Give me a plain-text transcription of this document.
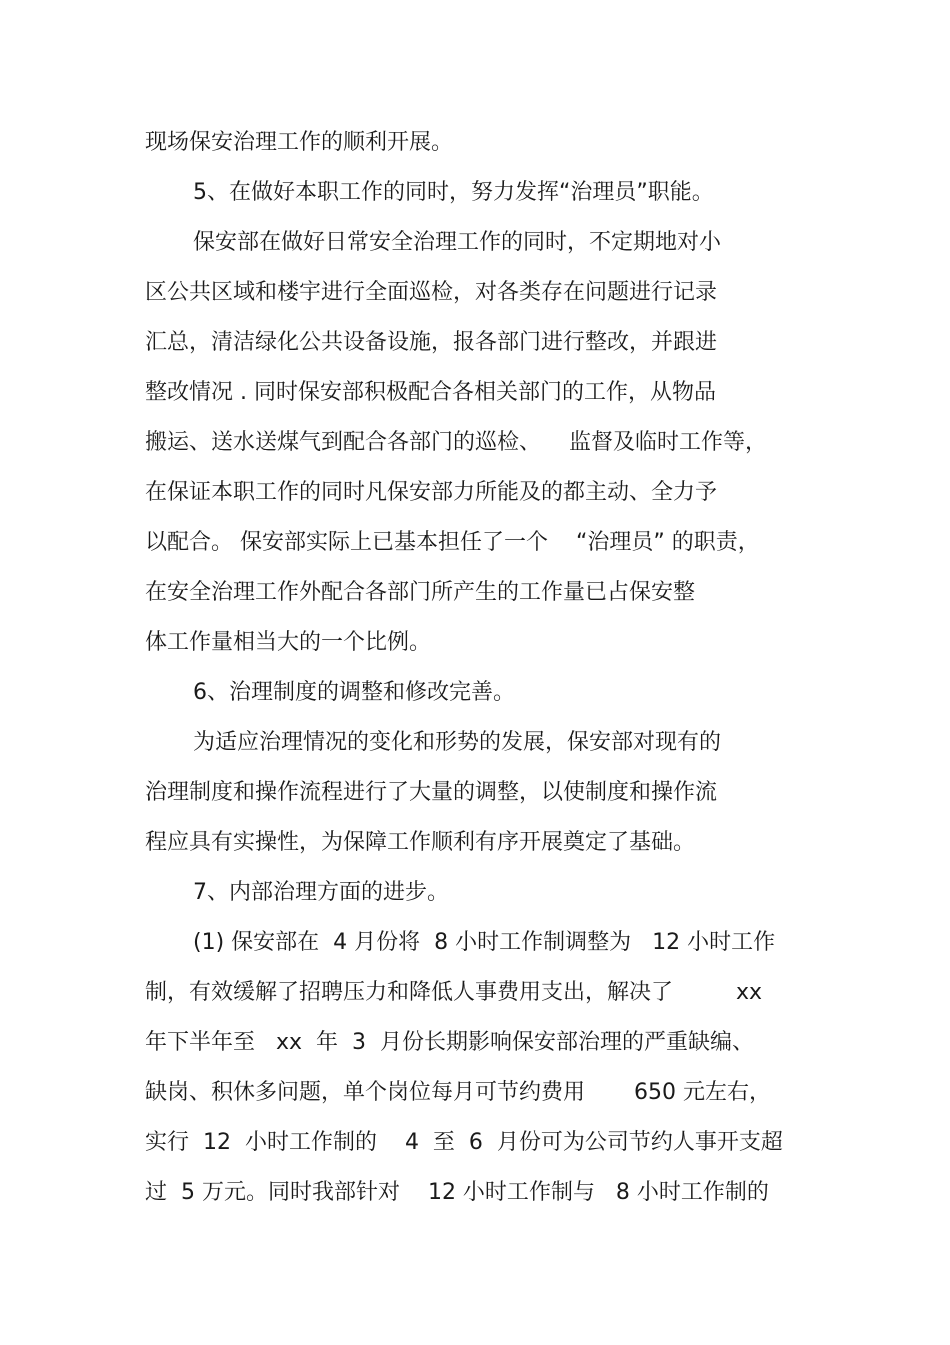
现场保安治理工作的顺利开展。

5、在做好本职工作的同时，努力发挥“治理员”职能。

保安部在做好日常安全治理工作的同时，不定期地对小

区公共区域和楼宇进行全面巡检，对各类存在问题进行记录

汇总，清洁绿化公共设备设施，报各部门进行整改，并跟进

整改情况 . 同时保安部积极配合各相关部门的工作，从物品

搬运、送水送煤气到配合各部门的巡检、    监督及临时工作等，

在保证本职工作的同时凡保安部力所能及的都主动、全力予

以配合。 保安部实际上已基本担任了一个    “治理员” 的职责，

在安全治理工作外配合各部门所产生的工作量已占保安整

体工作量相当大的一个比例。

6、治理制度的调整和修改完善。

为适应治理情况的变化和形势的发展，保安部对现有的

治理制度和操作流程进行了大量的调整，以使制度和操作流

程应具有实操性，为保障工作顺利有序开展奠定了基础。

7、内部治理方面的进步。

(1) 保安部在  4 月份将  8 小时工作制调整为   12 小时工作

制，有效缓解了招聘压力和降低人事费用支出，解决了         xx

年下半年至   xx  年  3  月份长期影响保安部治理的严重缺编、

缺岗、积休多问题，单个岗位每月可节约费用       650 元左右，

实行  12  小时工作制的    4  至  6  月份可为公司节约人事开支超

过  5 万元。同时我部针对    12 小时工作制与   8 小时工作制的
